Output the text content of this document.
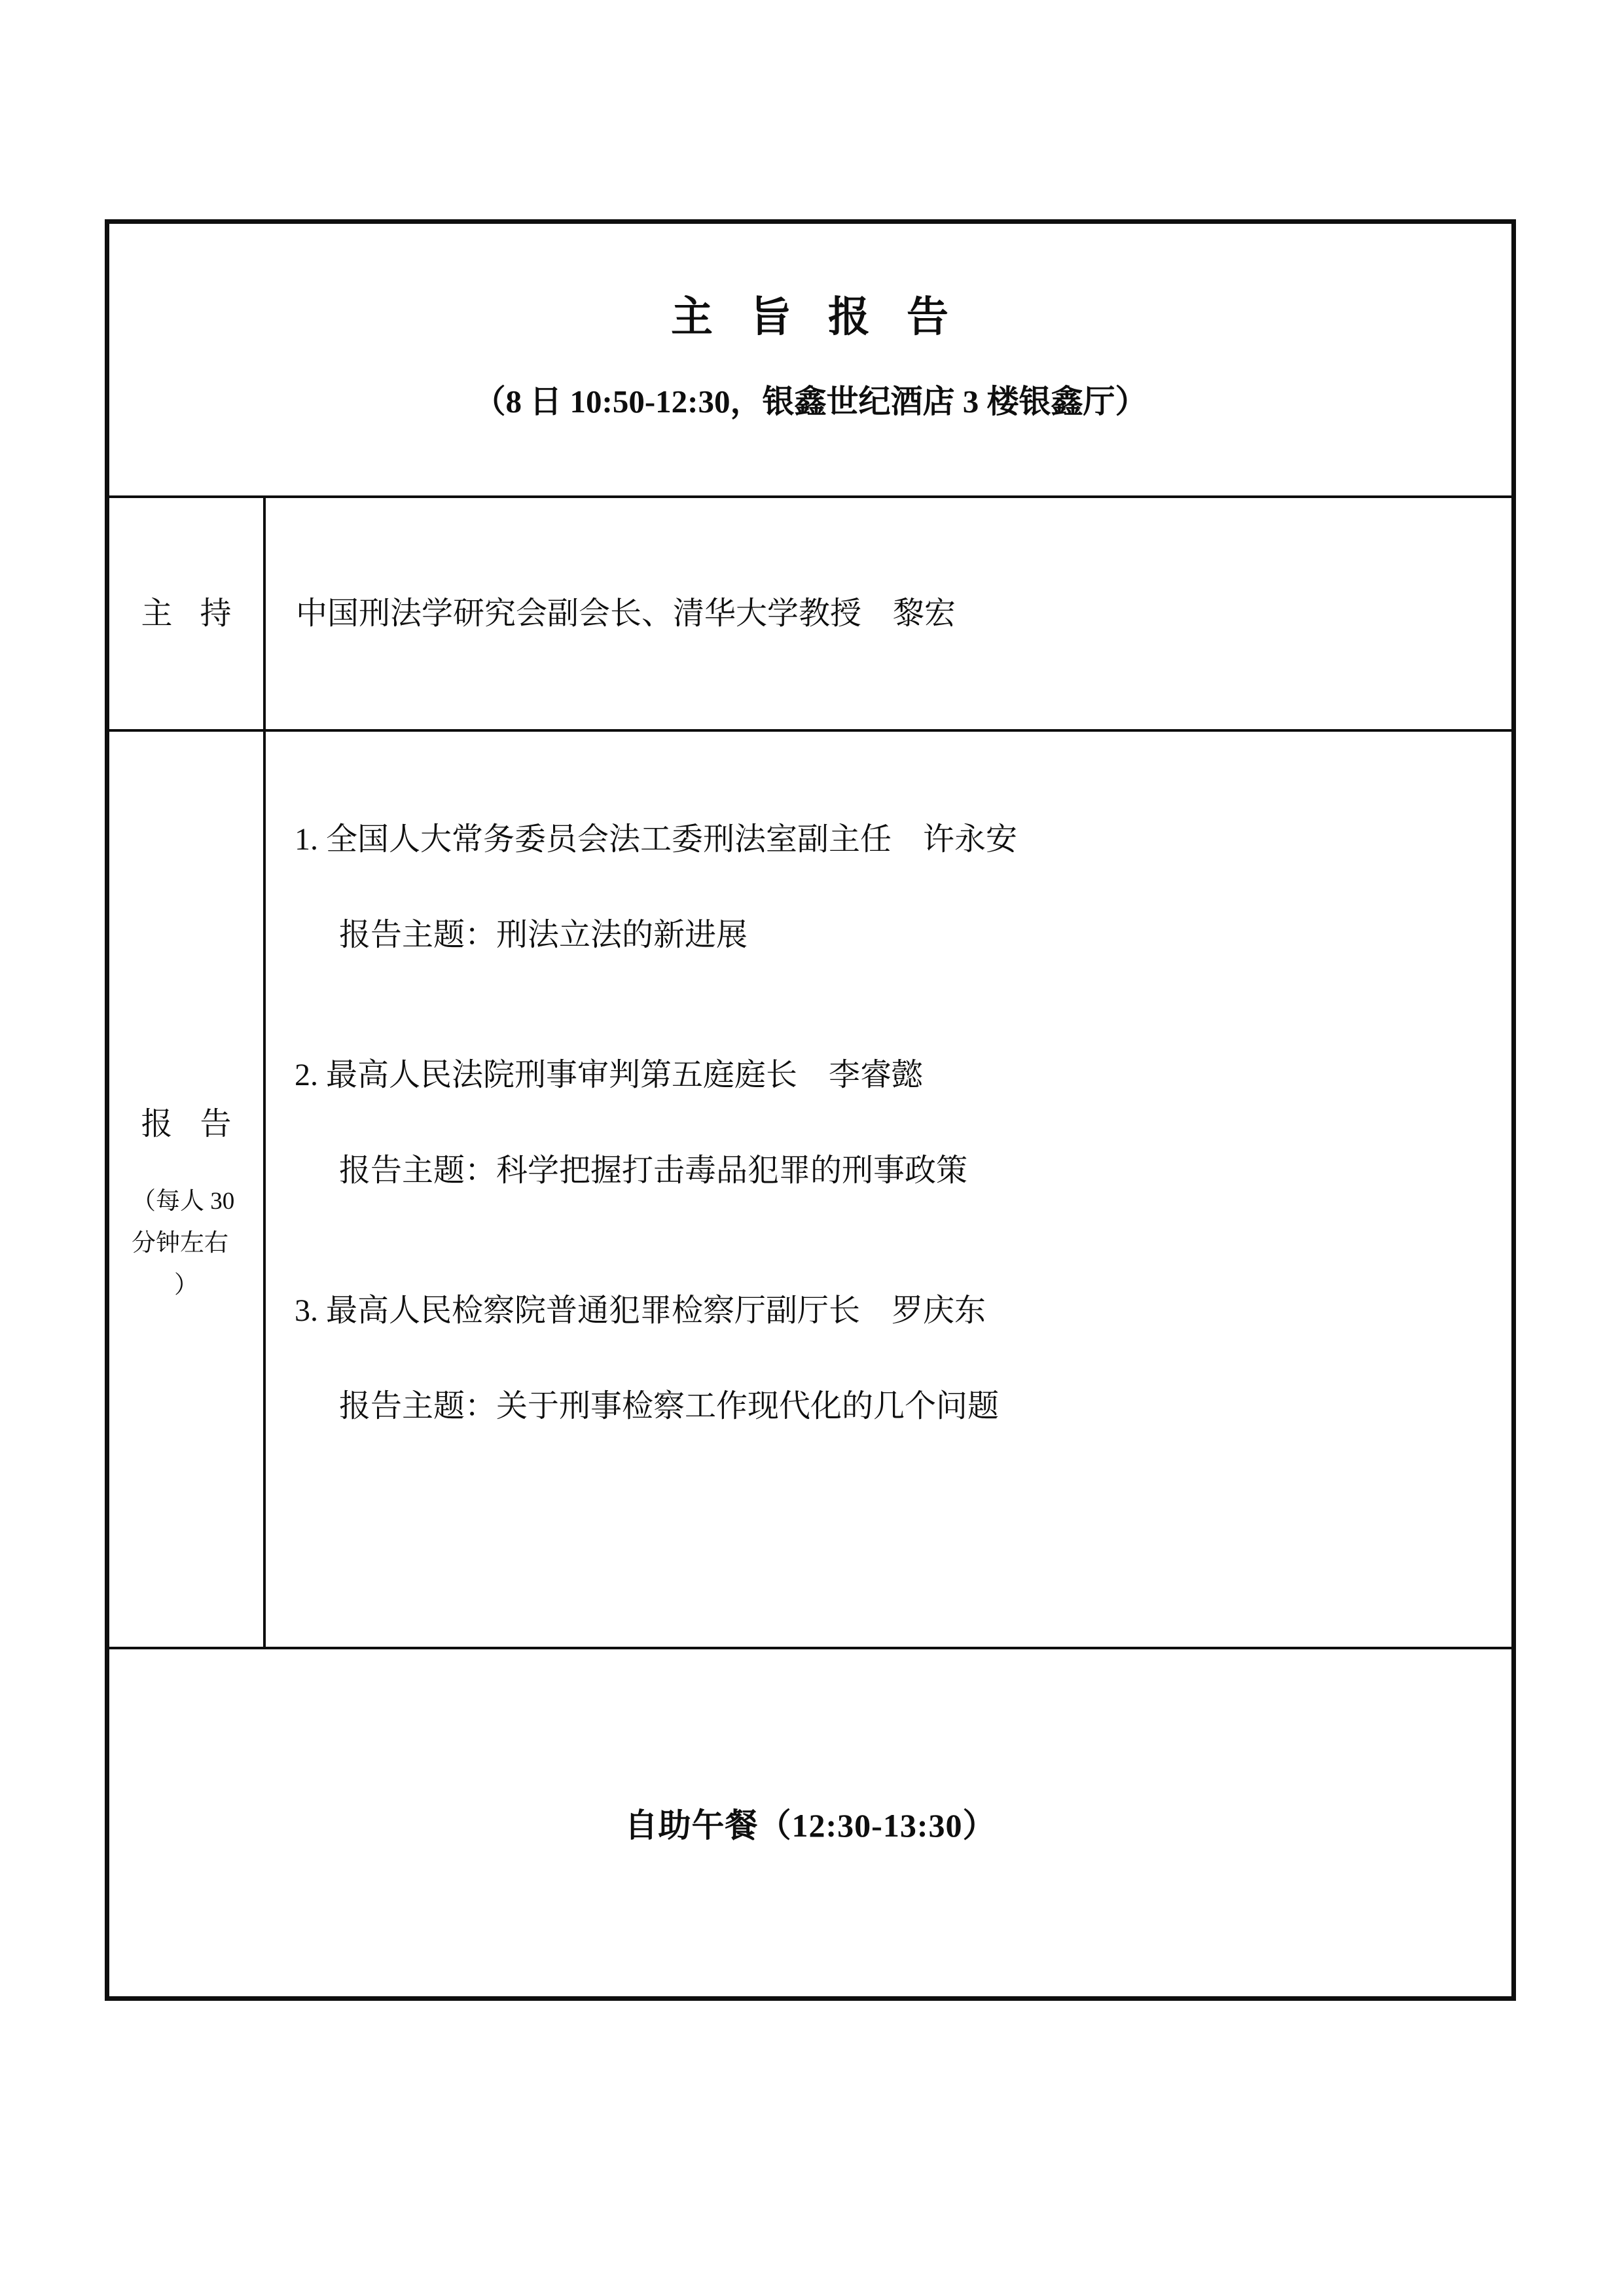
主 旨 报 告
（8 日 10:50-12:30，银鑫世纪酒店 3 楼银鑫厅）
主 持 中国刑法学研究会副会长、清华大学教授　黎宏
报 告
（每人 30
分钟左右
）
1. 全国人大常务委员会法工委刑法室副主任　许永安
报告主题：刑法立法的新进展
2. 最高人民法院刑事审判第五庭庭长　李睿懿
报告主题：科学把握打击毒品犯罪的刑事政策
3. 最高人民检察院普通犯罪检察厅副厅长　罗庆东
报告主题：关于刑事检察工作现代化的几个问题
自助午餐（12:30-13:30）
